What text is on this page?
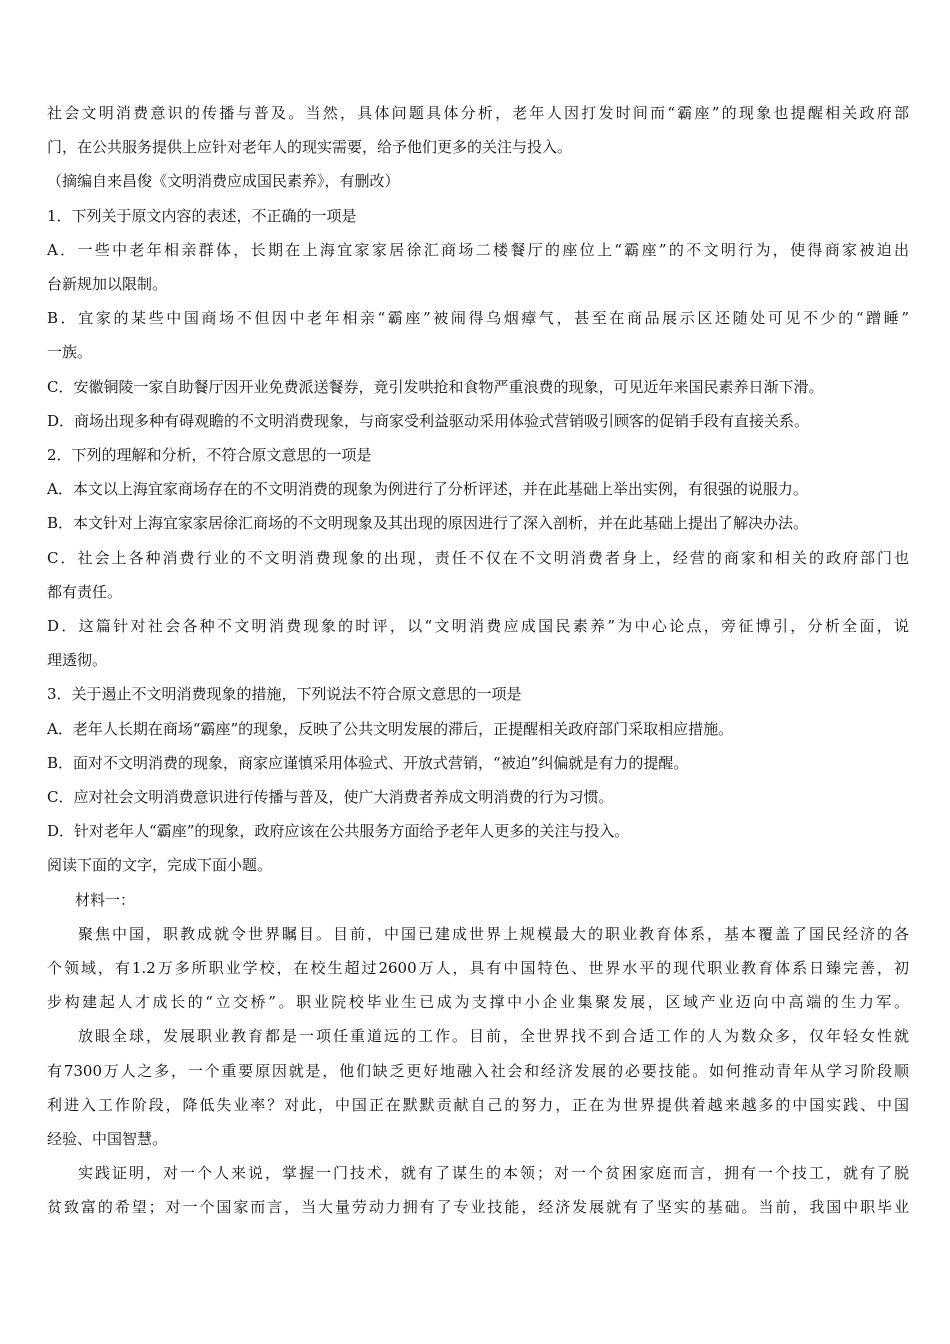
社会文明消费意识的传播与普及。当然，具体问题具体分析，老年人因打发时间而“霸座”的现象也提醒相关政府部
门，在公共服务提供上应针对老年人的现实需要，给予他们更多的关注与投入。
（摘编自来昌俊《文明消费应成国民素养》，有删改）
1．下列关于原文内容的表述，不正确的一项是
A．一些中老年相亲群体，长期在上海宜家家居徐汇商场二楼餐厅的座位上“霸座”的不文明行为，使得商家被迫出
台新规加以限制。
B．宜家的某些中国商场不但因中老年相亲“霸座”被闹得乌烟瘴气，甚至在商品展示区还随处可见不少的“蹭睡”
一族。
C．安徽铜陵一家自助餐厅因开业免费派送餐券，竟引发哄抢和食物严重浪费的现象，可见近年来国民素养日渐下滑。
D．商场出现多种有碍观瞻的不文明消费现象，与商家受利益驱动采用体验式营销吸引顾客的促销手段有直接关系。
2．下列的理解和分析，不符合原文意思的一项是
A．本文以上海宜家商场存在的不文明消费的现象为例进行了分析评述，并在此基础上举出实例，有很强的说服力。
B．本文针对上海宜家家居徐汇商场的不文明现象及其出现的原因进行了深入剖析，并在此基础上提出了解决办法。
C．社会上各种消费行业的不文明消费现象的出现，责任不仅在不文明消费者身上，经营的商家和相关的政府部门也
都有责任。
D．这篇针对社会各种不文明消费现象的时评，以“文明消费应成国民素养”为中心论点，旁征博引，分析全面，说
理透彻。
3．关于遏止不文明消费现象的措施，下列说法不符合原文意思的一项是
A．老年人长期在商场“霸座”的现象，反映了公共文明发展的滞后，正提醒相关政府部门采取相应措施。
B．面对不文明消费的现象，商家应谨慎采用体验式、开放式营销，“被迫”纠偏就是有力的提醒。
C．应对社会文明消费意识进行传播与普及，使广大消费者养成文明消费的行为习惯。
D．针对老年人“霸座”的现象，政府应该在公共服务方面给予老年人更多的关注与投入。
阅读下面的文字，完成下面小题。
材料一：
聚焦中国，职教成就令世界瞩目。目前，中国已建成世界上规模最大的职业教育体系，基本覆盖了国民经济的各
个领域，有1.2万多所职业学校，在校生超过2600万人，具有中国特色、世界水平的现代职业教育体系日臻完善，初
步构建起人才成长的“立交桥”。职业院校毕业生已成为支撑中小企业集聚发展，区域产业迈向中高端的生力军。
放眼全球，发展职业教育都是一项任重道远的工作。目前，全世界找不到合适工作的人为数众多，仅年轻女性就
有7300万人之多，一个重要原因就是，他们缺乏更好地融入社会和经济发展的必要技能。如何推动青年从学习阶段顺
利进入工作阶段，降低失业率？对此，中国正在默默贡献自己的努力，正在为世界提供着越来越多的中国实践、中国
经验、中国智慧。
实践证明，对一个人来说，掌握一门技术，就有了谋生的本领；对一个贫困家庭而言，拥有一个技工，就有了脱
贫致富的希望；对一个国家而言，当大量劳动力拥有了专业技能，经济发展就有了坚实的基础。当前，我国中职毕业
